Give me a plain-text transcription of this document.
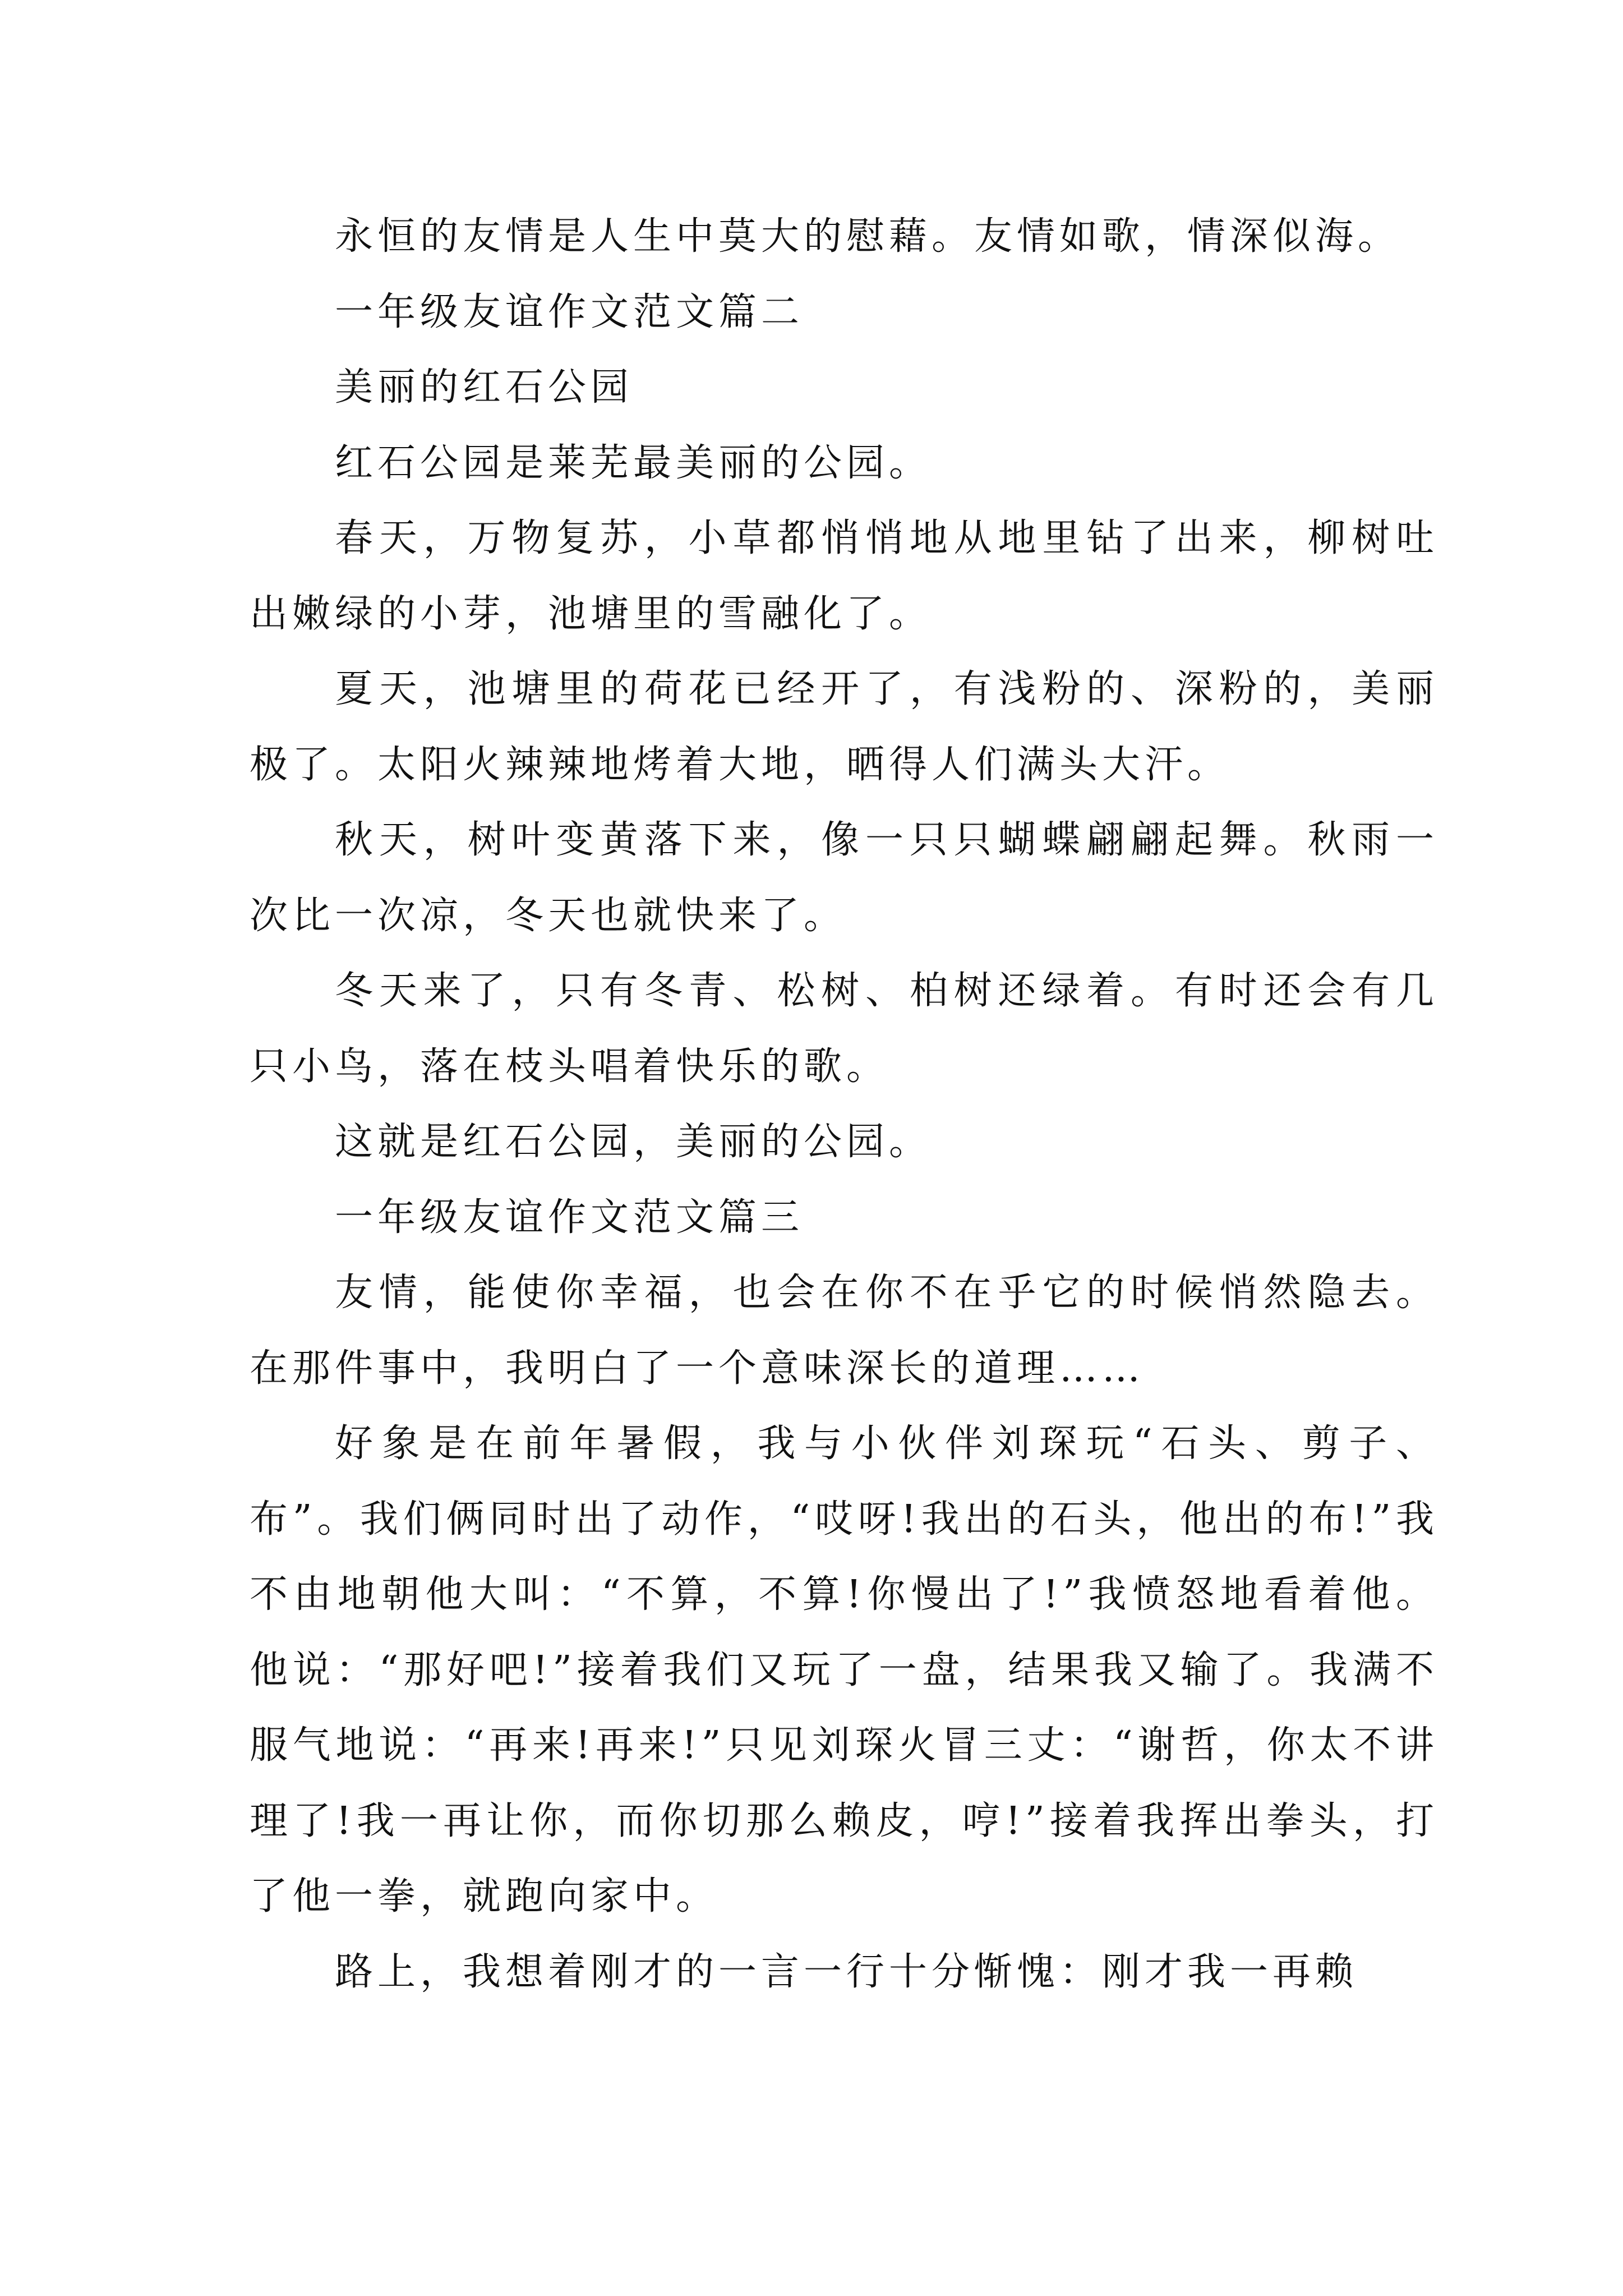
永恒的友情是人生中莫大的慰藉。友情如歌，情深似海。

一年级友谊作文范文篇二

美丽的红石公园

红石公园是莱芜最美丽的公园。

春天，万物复苏，小草都悄悄地从地里钻了出来，柳树吐出嫩绿的小芽，池塘里的雪融化了。

夏天，池塘里的荷花已经开了，有浅粉的、深粉的，美丽极了。太阳火辣辣地烤着大地，晒得人们满头大汗。

秋天，树叶变黄落下来，像一只只蝴蝶翩翩起舞。秋雨一次比一次凉，冬天也就快来了。

冬天来了，只有冬青、松树、柏树还绿着。有时还会有几只小鸟，落在枝头唱着快乐的歌。

这就是红石公园，美丽的公园。

一年级友谊作文范文篇三

友情，能使你幸福，也会在你不在乎它的时候悄然隐去。在那件事中，我明白了一个意味深长的道理……

好象是在前年暑假，我与小伙伴刘琛玩“石头、剪子、布”。我们俩同时出了动作，“哎呀!我出的石头，他出的布!”我不由地朝他大叫：“不算，不算!你慢出了!”我愤怒地看着他。他说：“那好吧!”接着我们又玩了一盘，结果我又输了。我满不服气地说：“再来!再来!”只见刘琛火冒三丈：“谢哲，你太不讲理了!我一再让你，而你切那么赖皮，哼!”接着我挥出拳头，打了他一拳，就跑向家中。

路上，我想着刚才的一言一行十分惭愧：刚才我一再赖
